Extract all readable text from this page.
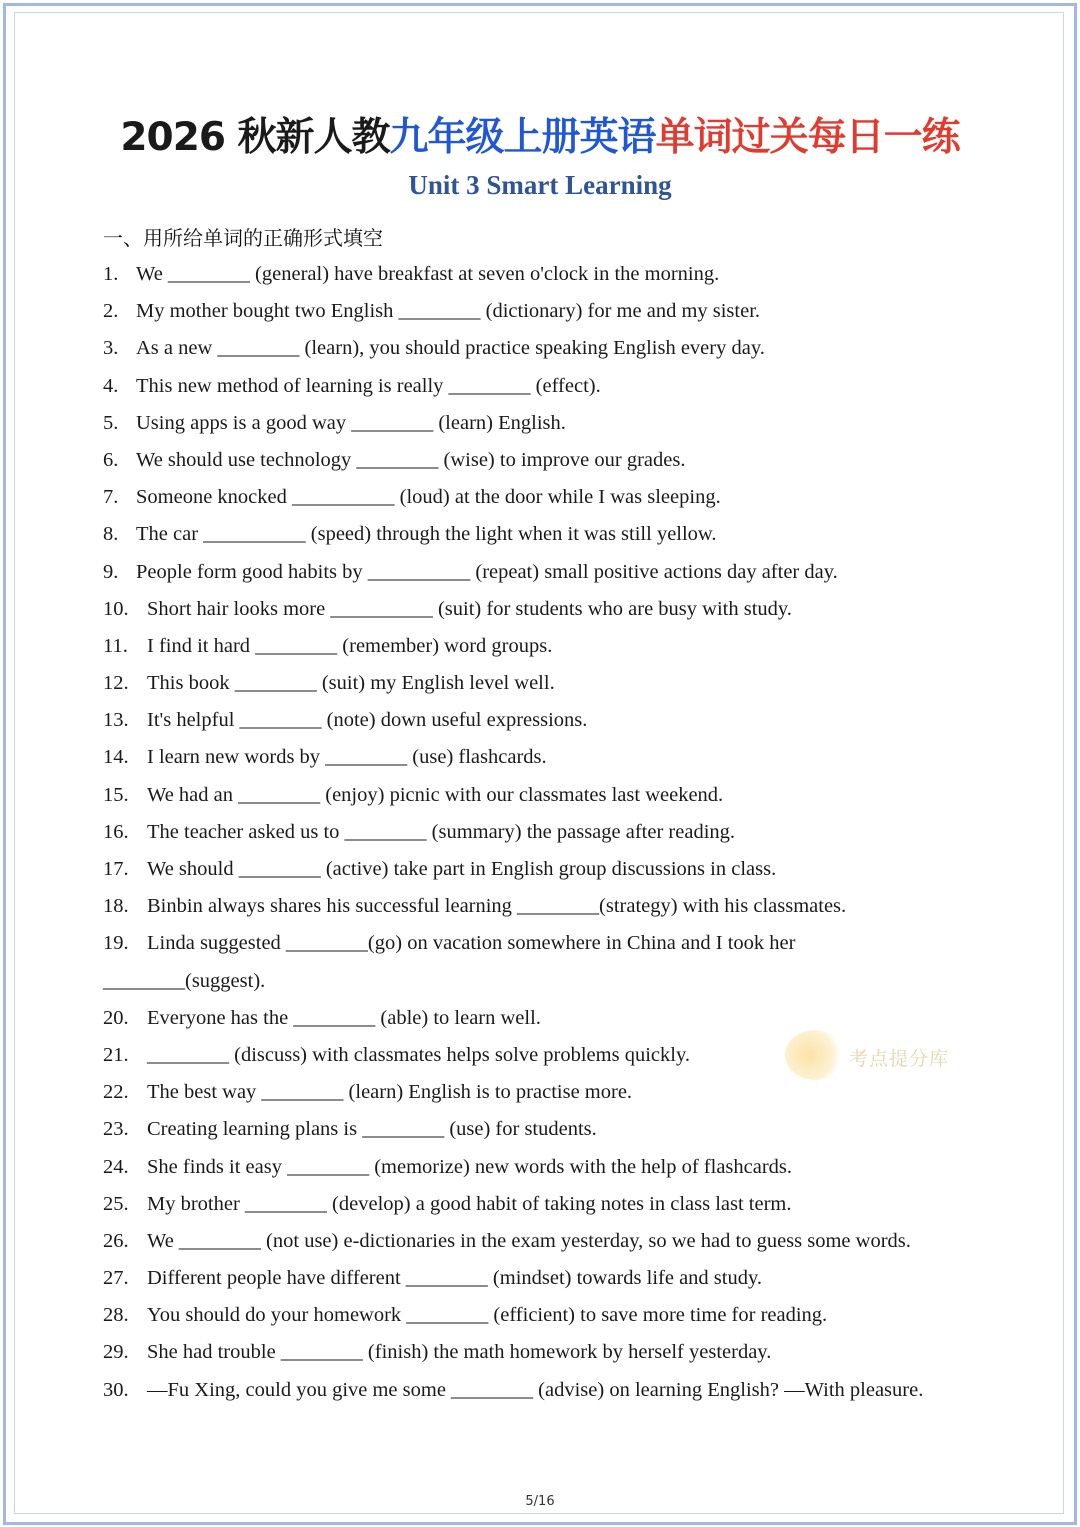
2026 秋新人教九年级上册英语单词过关每日一练
Unit 3 Smart Learning
一、用所给单词的正确形式填空
1. We ________ (general) have breakfast at seven o'clock in the morning.
2. My mother bought two English ________ (dictionary) for me and my sister.
3. As a new ________ (learn), you should practice speaking English every day.
4. This new method of learning is really ________ (effect).
5. Using apps is a good way ________ (learn) English.
6. We should use technology ________ (wise) to improve our grades.
7. Someone knocked __________ (loud) at the door while I was sleeping.
8. The car __________ (speed) through the light when it was still yellow.
9. People form good habits by __________ (repeat) small positive actions day after day.
10. Short hair looks more __________ (suit) for students who are busy with study.
11. I find it hard ________ (remember) word groups.
12. This book ________ (suit) my English level well.
13. It's helpful ________ (note) down useful expressions.
14. I learn new words by ________ (use) flashcards.
15. We had an ________ (enjoy) picnic with our classmates last weekend.
16. The teacher asked us to ________ (summary) the passage after reading.
17. We should ________ (active) take part in English group discussions in class.
18. Binbin always shares his successful learning ________(strategy) with his classmates.
19. Linda suggested ________(go) on vacation somewhere in China and I took her
________(suggest).
20. Everyone has the ________ (able) to learn well.
21. ________ (discuss) with classmates helps solve problems quickly.
22. The best way ________ (learn) English is to practise more.
23. Creating learning plans is ________ (use) for students.
24. She finds it easy ________ (memorize) new words with the help of flashcards.
25. My brother ________ (develop) a good habit of taking notes in class last term.
26. We ________ (not use) e-dictionaries in the exam yesterday, so we had to guess some words.
27. Different people have different ________ (mindset) towards life and study.
28. You should do your homework ________ (efficient) to save more time for reading.
29. She had trouble ________ (finish) the math homework by herself yesterday.
30. —Fu Xing, could you give me some ________ (advise) on learning English? —With pleasure.
考点提分库
5/16
